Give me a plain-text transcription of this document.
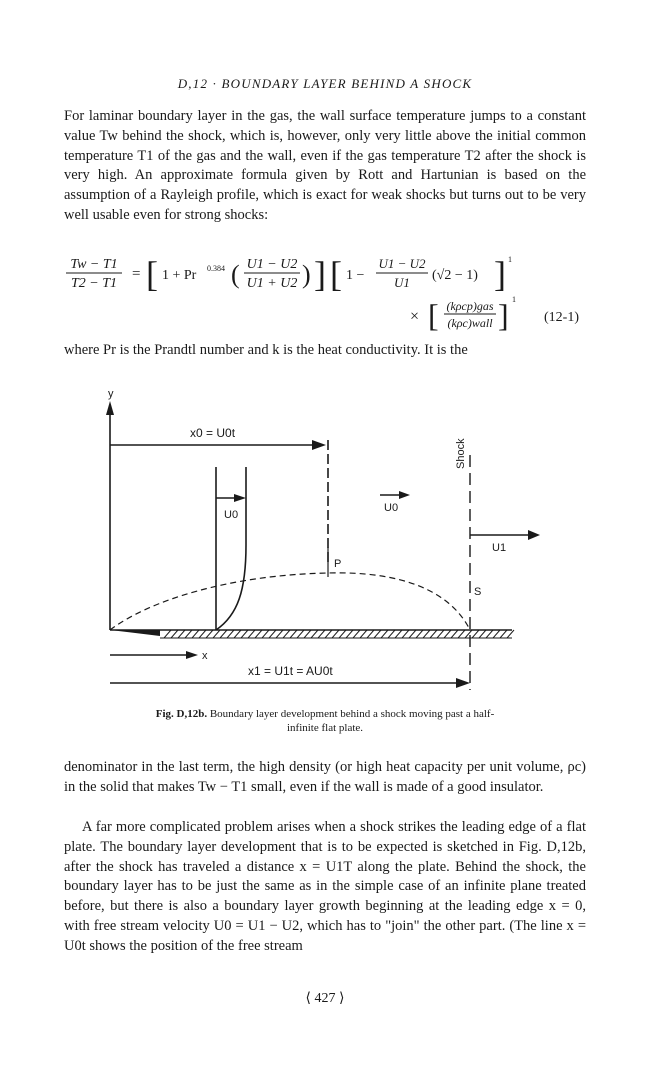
D,12 · BOUNDARY LAYER BEHIND A SHOCK

For laminar boundary layer in the gas, the wall surface temperature jumps to a constant value Tw behind the shock, which is, however, only very little above the initial common temperature T1 of the gas and the wall, even if the gas temperature T2 after the shock is very high. An approximate formula given by Rott and Hartunian is based on the assumption of a Rayleigh profile, which is exact for weak shocks but turns out to be very well usable even for strong shocks:

Tw − T1
T2 − T1
= [ 1 + Pr 0.384 ( U1 − U2
U1 + U2 ) ] [ 1 −
U1 − U2
U1 (√2 − 1) ] 1
× [ (kρcp)gas
(kρc)wall ] 1
(12-1)

where Pr is the Prandtl number and k is the heat conductivity. It is the

y
x0 = U0t
P
U0
U0
Shock
S
U1
x
x1 = U1t = AU0t
Fig. D,12b. Boundary layer development behind a shock moving past a half-infinite flat plate.

denominator in the last term, the high density (or high heat capacity per unit volume, ρc) in the solid that makes Tw − T1 small, even if the wall is made of a good insulator.

A far more complicated problem arises when a shock strikes the leading edge of a flat plate. The boundary layer development that is to be expected is sketched in Fig. D,12b, after the shock has traveled a distance x = U1T along the plate. Behind the shock, the boundary layer has to be just the same as in the simple case of an infinite plane treated before, but there is also a boundary layer growth beginning at the leading edge x = 0, with free stream velocity U0 = U1 − U2, which has to "join" the other part. (The line x = U0t shows the position of the free stream

⟨ 427 ⟩
